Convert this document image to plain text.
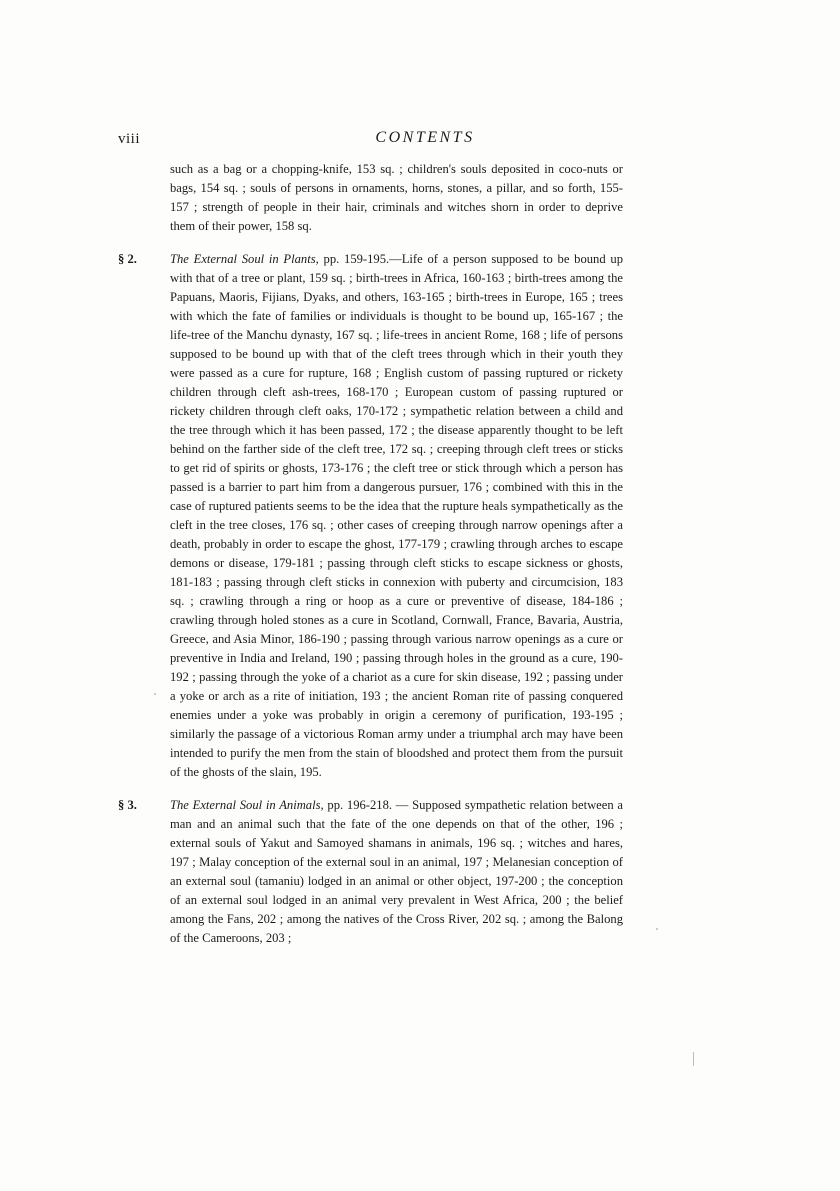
viii	CONTENTS

such as a bag or a chopping-knife, 153 sq. ; children's souls deposited in coco-nuts or bags, 154 sq. ; souls of persons in ornaments, horns, stones, a pillar, and so forth, 155-157 ; strength of people in their hair, criminals and witches shorn in order to deprive them of their power, 158 sq.

§ 2.	The External Soul in Plants, pp. 159-195.—Life of a person supposed to be bound up with that of a tree or plant, 159 sq. ; birth-trees in Africa, 160-163 ; birth-trees among the Papuans, Maoris, Fijians, Dyaks, and others, 163-165 ; birth-trees in Europe, 165 ; trees with which the fate of families or individuals is thought to be bound up, 165-167 ; the life-tree of the Manchu dynasty, 167 sq. ; life-trees in ancient Rome, 168 ; life of persons supposed to be bound up with that of the cleft trees through which in their youth they were passed as a cure for rupture, 168 ; English custom of passing ruptured or rickety children through cleft ash-trees, 168-170 ; European custom of passing ruptured or rickety children through cleft oaks, 170-172 ; sympathetic relation between a child and the tree through which it has been passed, 172 ; the disease apparently thought to be left behind on the farther side of the cleft tree, 172 sq. ; creeping through cleft trees or sticks to get rid of spirits or ghosts, 173-176 ; the cleft tree or stick through which a person has passed is a barrier to part him from a dangerous pursuer, 176 ; combined with this in the case of ruptured patients seems to be the idea that the rupture heals sympathetically as the cleft in the tree closes, 176 sq. ; other cases of creeping through narrow openings after a death, probably in order to escape the ghost, 177-179 ; crawling through arches to escape demons or disease, 179-181 ; passing through cleft sticks to escape sickness or ghosts, 181-183 ; passing through cleft sticks in connexion with puberty and circumcision, 183 sq. ; crawling through a ring or hoop as a cure or preventive of disease, 184-186 ; crawling through holed stones as a cure in Scotland, Cornwall, France, Bavaria, Austria, Greece, and Asia Minor, 186-190 ; passing through various narrow openings as a cure or preventive in India and Ireland, 190 ; passing through holes in the ground as a cure, 190-192 ; passing through the yoke of a chariot as a cure for skin disease, 192 ; passing under a yoke or arch as a rite of initiation, 193 ; the ancient Roman rite of passing conquered enemies under a yoke was probably in origin a ceremony of purification, 193-195 ; similarly the passage of a victorious Roman army under a triumphal arch may have been intended to purify the men from the stain of bloodshed and protect them from the pursuit of the ghosts of the slain, 195.

§ 3.	The External Soul in Animals, pp. 196-218. — Supposed sympathetic relation between a man and an animal such that the fate of the one depends on that of the other, 196 ; external souls of Yakut and Samoyed shamans in animals, 196 sq. ; witches and hares, 197 ; Malay conception of the external soul in an animal, 197 ; Melanesian conception of an external soul (tamaniu) lodged in an animal or other object, 197-200 ; the conception of an external soul lodged in an animal very prevalent in West Africa, 200 ; the belief among the Fans, 202 ; among the natives of the Cross River, 202 sq. ; among the Balong of the Cameroons, 203 ;
